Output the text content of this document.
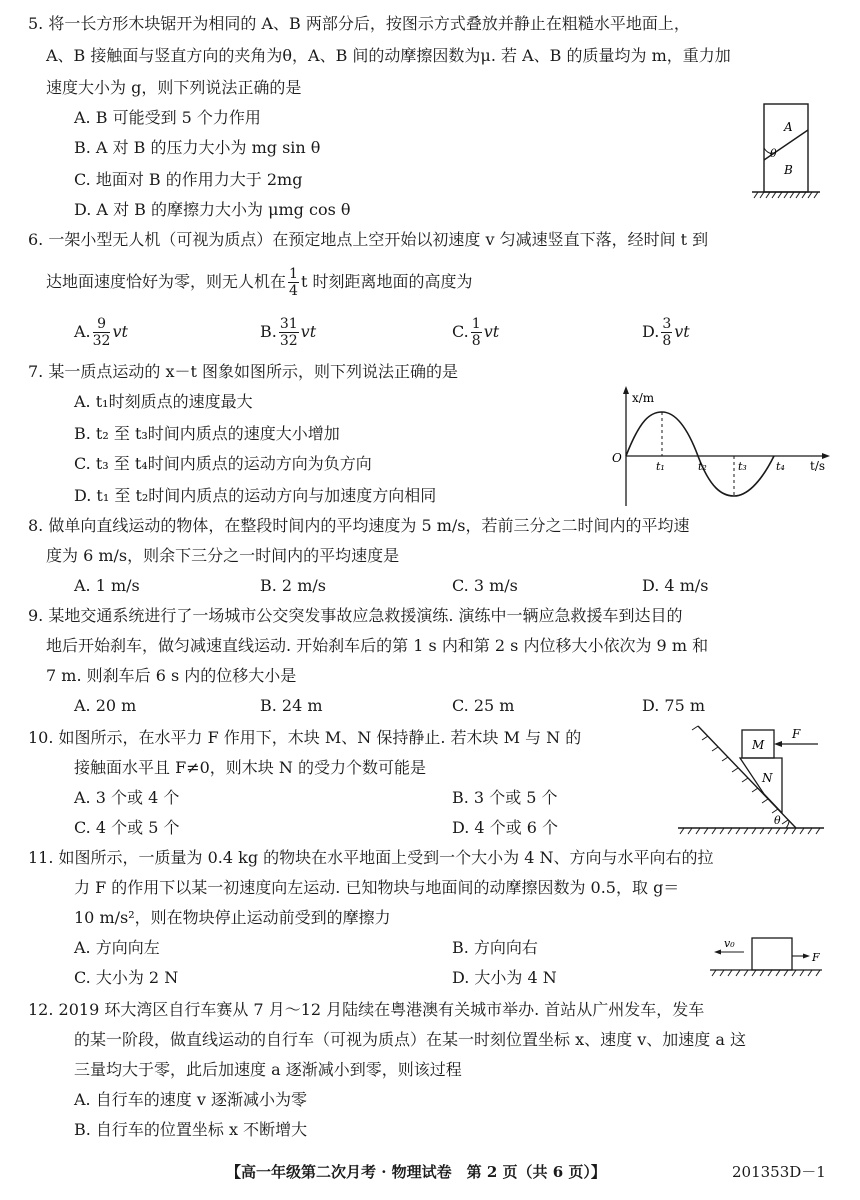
5. 将一长方形木块锯开为相同的 A、B 两部分后，按图示方式叠放并静止在粗糙水平地面上，
A、B 接触面与竖直方向的夹角为θ，A、B 间的动摩擦因数为μ. 若 A、B 的质量均为 m，重力加
速度大小为 g，则下列说法正确的是
A. B 可能受到 5 个力作用
B. A 对 B 的压力大小为 mg sin θ
C. 地面对 B 的作用力大于 2mg
D. A 对 B 的摩擦力大小为 μmg cos θ
A
B
θ
6. 一架小型无人机（可视为质点）在预定地点上空开始以初速度 v 匀减速竖直下落，经时间 t 到
达地面速度恰好为零，则无人机在 $\frac{1}{4}$ t 时刻距离地面的高度为
A. $\frac{9}{32}$ vt	B. $\frac{31}{32}$ vt	C. $\frac{1}{8}$ vt	D. $\frac{3}{8}$ vt
7. 某一质点运动的 x－t 图象如图所示，则下列说法正确的是
A. t₁时刻质点的速度最大
B. t₂ 至 t₃时间内质点的速度大小增加
C. t₃ 至 t₄时间内质点的运动方向为负方向
D. t₁ 至 t₂时间内质点的运动方向与加速度方向相同
x/m
t/s
O
t₁	t₂	t₃	t₄
8. 做单向直线运动的物体，在整段时间内的平均速度为 5 m/s，若前三分之二时间内的平均速
度为 6 m/s，则余下三分之一时间内的平均速度是
A. 1 m/s	B. 2 m/s	C. 3 m/s	D. 4 m/s
9. 某地交通系统进行了一场城市公交突发事故应急救援演练. 演练中一辆应急救援车到达目的
地后开始刹车，做匀减速直线运动. 开始刹车后的第 1 s 内和第 2 s 内位移大小依次为 9 m 和
7 m. 则刹车后 6 s 内的位移大小是
A. 20 m	B. 24 m	C. 25 m	D. 75 m
10. 如图所示，在水平力 F 作用下，木块 M、N 保持静止. 若木块 M 与 N 的
接触面水平且 F≠0，则木块 N 的受力个数可能是
A. 3 个或 4 个	B. 3 个或 5 个
C. 4 个或 5 个	D. 4 个或 6 个
M
N
F
θ
11. 如图所示，一质量为 0.4 kg 的物块在水平地面上受到一个大小为 4 N、方向与水平向右的拉
力 F 的作用下以某一初速度向左运动. 已知物块与地面间的动摩擦因数为 0.5，取 g＝
10 m/s²，则在物块停止运动前受到的摩擦力
A. 方向向左	B. 方向向右
C. 大小为 2 N	D. 大小为 4 N
v₀
F
12. 2019 环大湾区自行车赛从 7 月～12 月陆续在粤港澳有关城市举办. 首站从广州发车，发车
的某一阶段，做直线运动的自行车（可视为质点）在某一时刻位置坐标 x、速度 v、加速度 a 这
三量均大于零，此后加速度 a 逐渐减小到零，则该过程
A. 自行车的速度 v 逐渐减小为零
B. 自行车的位置坐标 x 不断增大
【高一年级第二次月考 · 物理试卷　第 2 页（共 6 页）】	201353D－1
